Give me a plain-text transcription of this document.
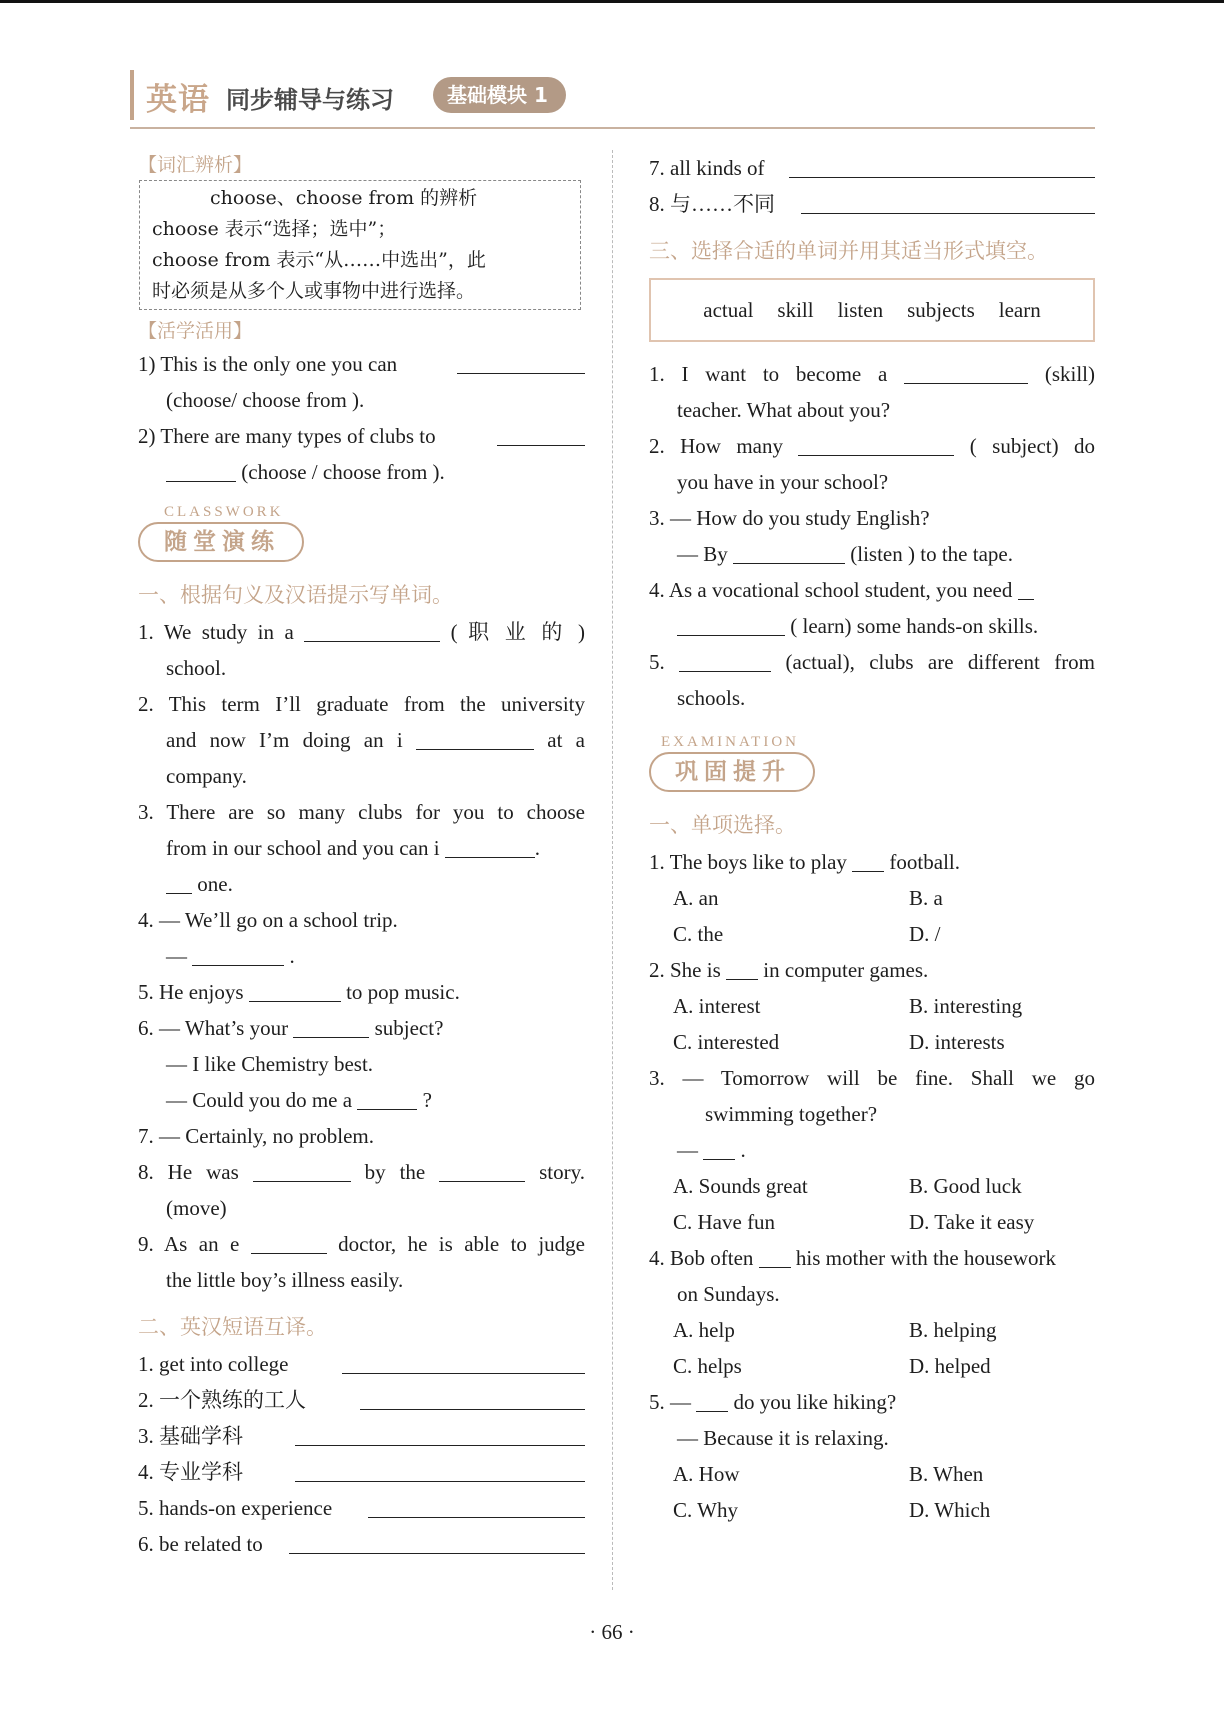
英语 同步辅导与练习	基础模块 1
【词汇辨析】
choose、choose from 的辨析
choose 表示“选择；选中”；
choose from 表示“从……中选出”，此
时必须是从多个人或事物中进行选择。
【活学活用】
1) This is the only one you can
(choose/ choose from ).
2) There are many types of clubs to
(choose / choose from ).
CLASSWORK
随堂演练
一、根据句义及汉语提示写单词。
1. We study in a	( 职 业 的 )
school.
2. This term I’ll graduate from the university
and now I’m doing an i	at a
company.
3. There are so many clubs for you to choose
from in our school and you can i	.
one.
4. — We’ll go on a school trip.
—	.
5. He enjoys	to pop music.
6. — What’s your	subject?
— I like Chemistry best.
— Could you do me a	?
7. — Certainly, no problem.
8. He was	by the	story.
(move)
9. As an e	doctor, he is able to judge
the little boy’s illness easily.
二、英汉短语互译。
1. get into college
2. 一个熟练的工人
3. 基础学科
4. 专业学科
5. hands-on experience
6. be related to
7. all kinds of
8. 与……不同
三、选择合适的单词并用其适当形式填空。
actual skill listen subjects learn
1. I want to become a	(skill)
teacher. What about you?
2. How many	( subject) do
you have in your school?
3. — How do you study English?
— By	(listen ) to the tape.
4. As a vocational school student, you need
( learn) some hands-on skills.
5.	(actual), clubs are different from
schools.
EXAMINATION
巩固提升
一、单项选择。
1. The boys like to play football.
A. an	B. a
C. the	D. /
2. She is in computer games.
A. interest	B. interesting
C. interested	D. interests
3. — Tomorrow will be fine. Shall we go
swimming together?
— .
A. Sounds great	B. Good luck
C. Have fun	D. Take it easy
4. Bob often his mother with the housework
on Sundays.
A. help	B. helping
C. helps	D. helped
5. — do you like hiking?
— Because it is relaxing.
A. How	B. When
C. Why	D. Which
· 66 ·
